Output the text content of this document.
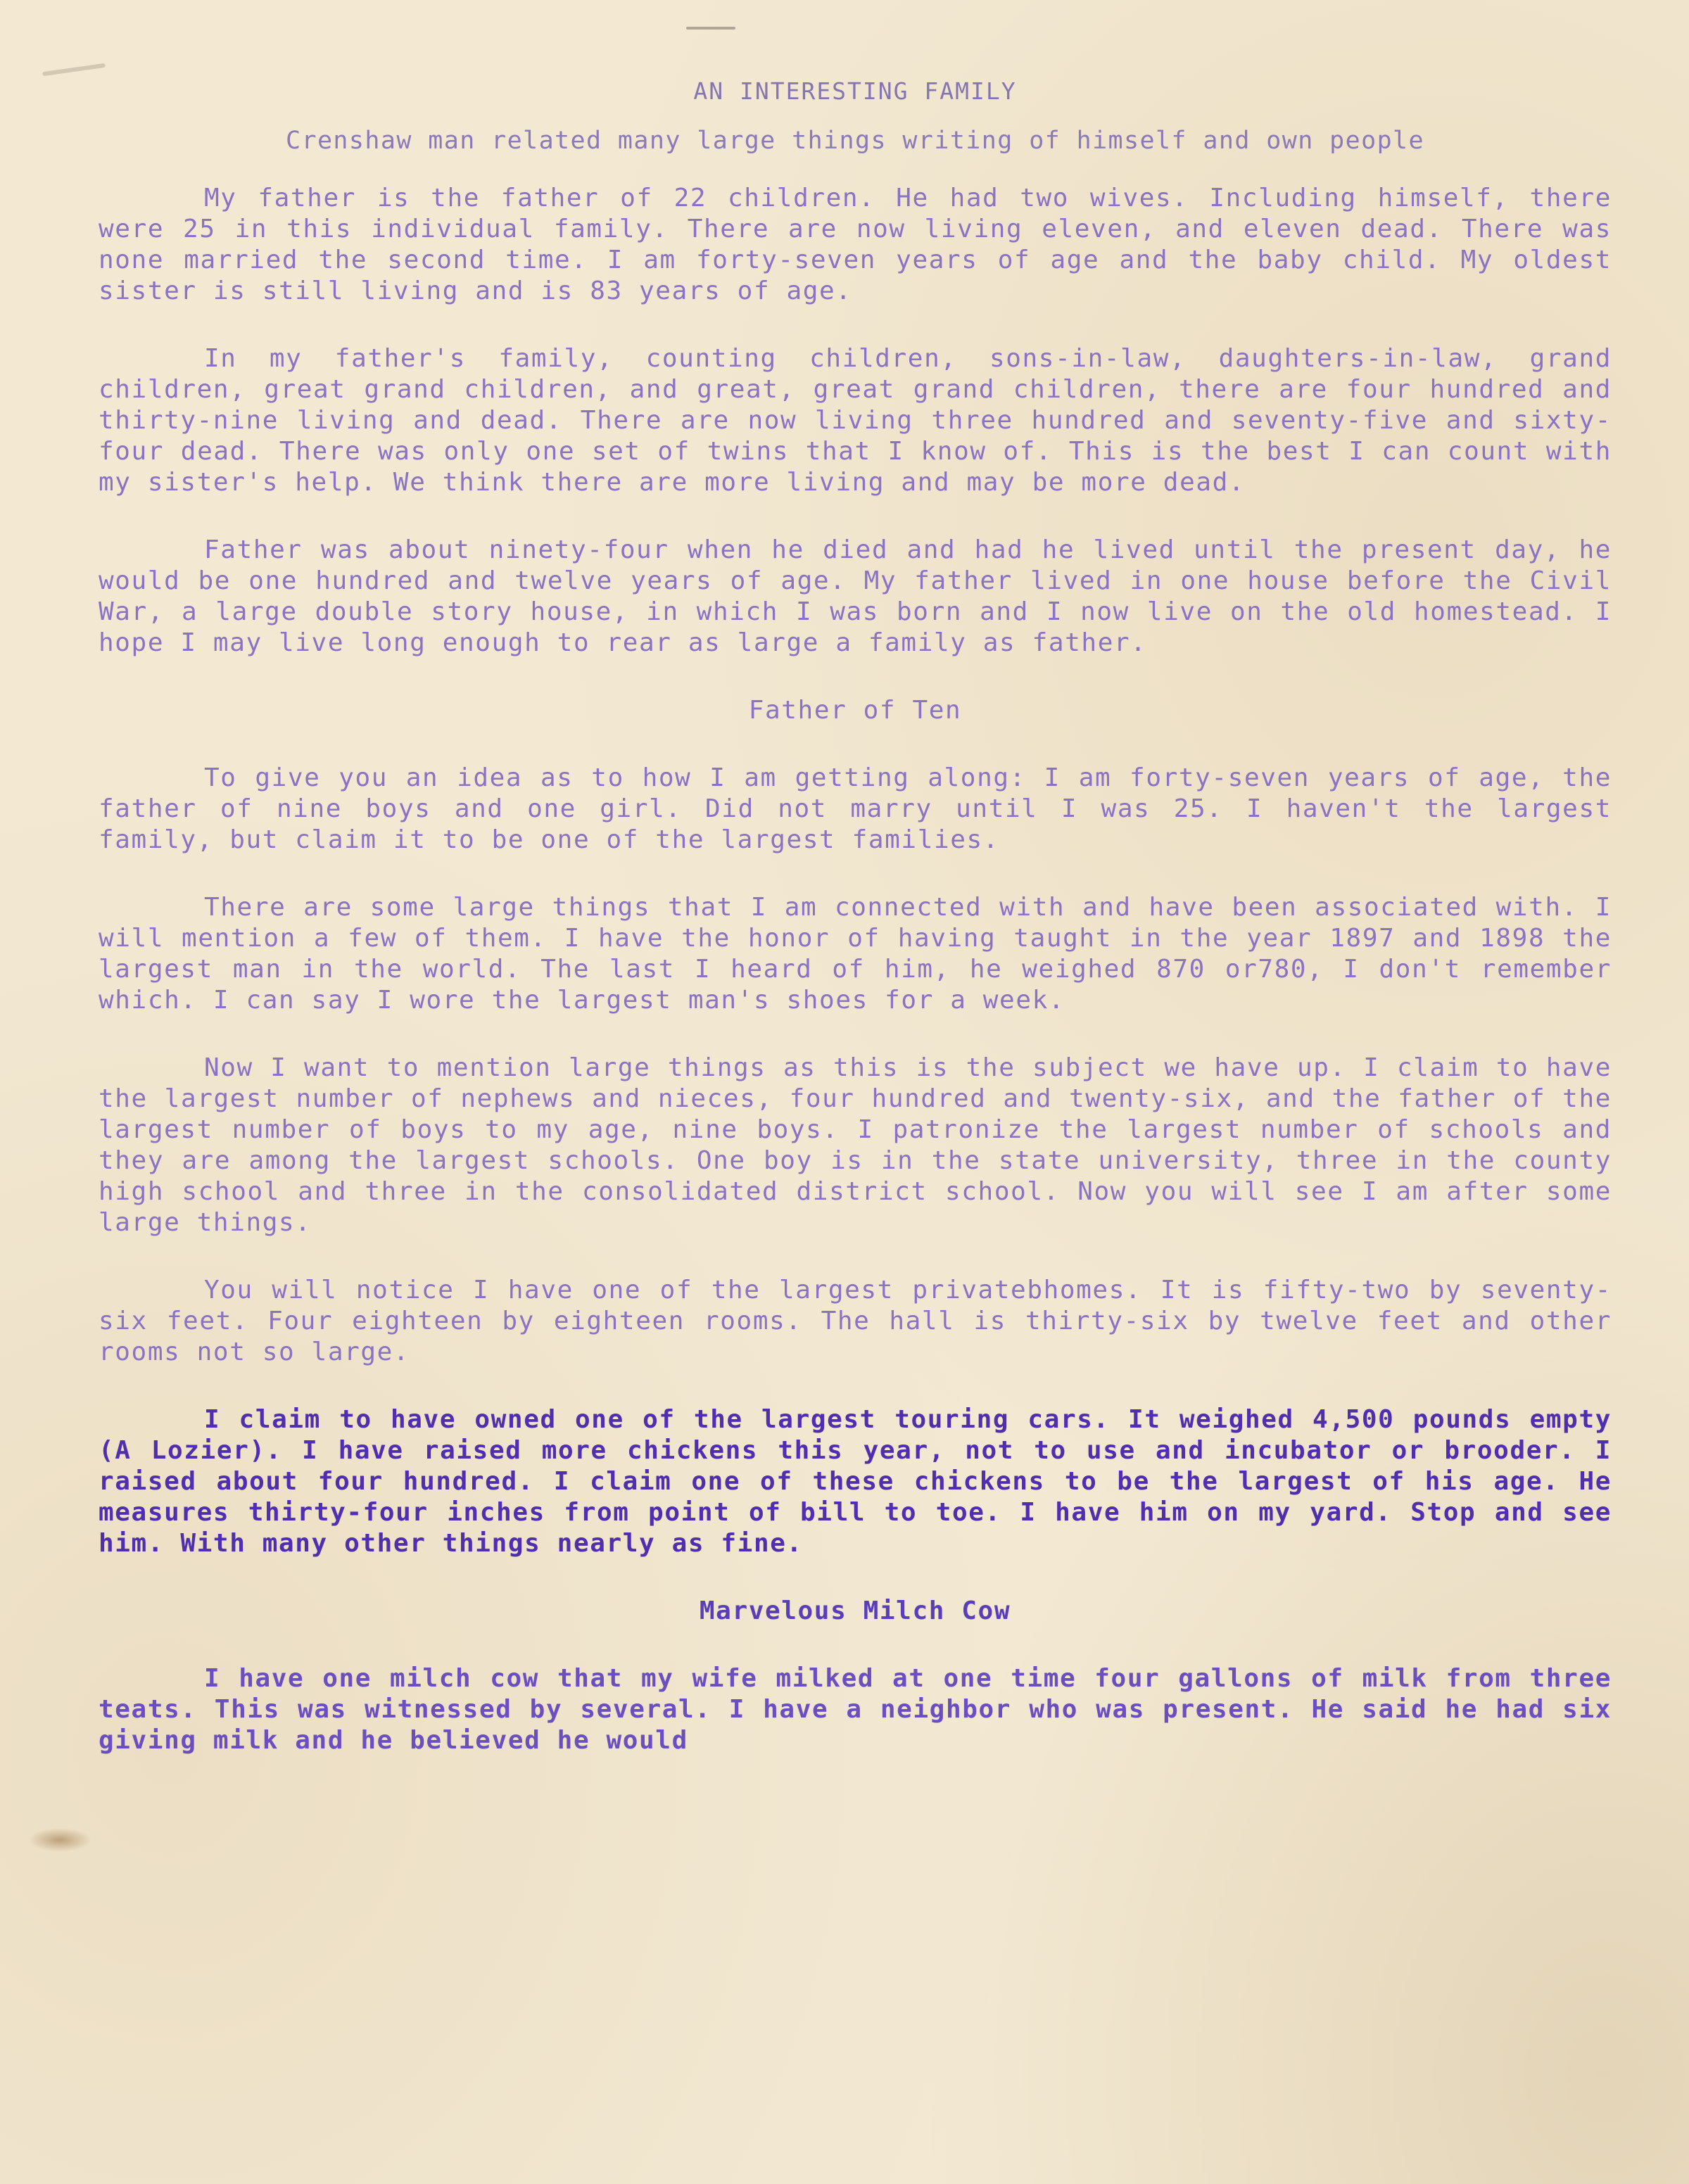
AN INTERESTING FAMILY
Crenshaw man related many large things writing of himself and own people

My father is the father of 22 children. He had two wives. Including himself, there were 25 in this individual family. There are now living eleven, and eleven dead. There was none married the second time. I am forty-seven years of age and the baby child. My oldest sister is still living and is 83 years of age.

In my father's family, counting children, sons-in-law, daughters-in-law, grand children, great grand children, and great, great grand children, there are four hundred and thirty-nine living and dead. There are now living three hundred and seventy-five and sixty-four dead. There was only one set of twins that I know of. This is the best I can count with my sister's help. We think there are more living and may be more dead.

Father was about ninety-four when he died and had he lived until the present day, he would be one hundred and twelve years of age. My father lived in one house before the Civil War, a large double story house, in which I was born and I now live on the old homestead. I hope I may live long enough to rear as large a family as father.

Father of Ten

To give you an idea as to how I am getting along: I am forty-seven years of age, the father of nine boys and one girl. Did not marry until I was 25. I haven't the largest family, but claim it to be one of the largest families.

There are some large things that I am connected with and have been associated with. I will mention a few of them. I have the honor of having taught in the year 1897 and 1898 the largest man in the world. The last I heard of him, he weighed 870 or780, I don't remember which. I can say I wore the largest man's shoes for a week.

Now I want to mention large things as this is the subject we have up. I claim to have the largest number of nephews and nieces, four hundred and twenty-six, and the father of the largest number of boys to my age, nine boys. I patronize the largest number of schools and they are among the largest schools. One boy is in the state university, three in the county high school and three in the consolidated district school. Now you will see I am after some large things.

You will notice I have one of the largest privatebhomes. It is fifty-two by seventy-six feet. Four eighteen by eighteen rooms. The hall is thirty-six by twelve feet and other rooms not so large.

I claim to have owned one of the largest touring cars. It weighed 4,500 pounds empty (A Lozier). I have raised more chickens this year, not to use and incubator or brooder. I raised about four hundred. I claim one of these chickens to be the largest of his age. He measures thirty-four inches from point of bill to toe. I have him on my yard. Stop and see him. With many other things nearly as fine.

Marvelous Milch Cow

I have one milch cow that my wife milked at one time four gallons of milk from three teats. This was witnessed by several. I have a neighbor who was present. He said he had six giving milk and he believed he would
